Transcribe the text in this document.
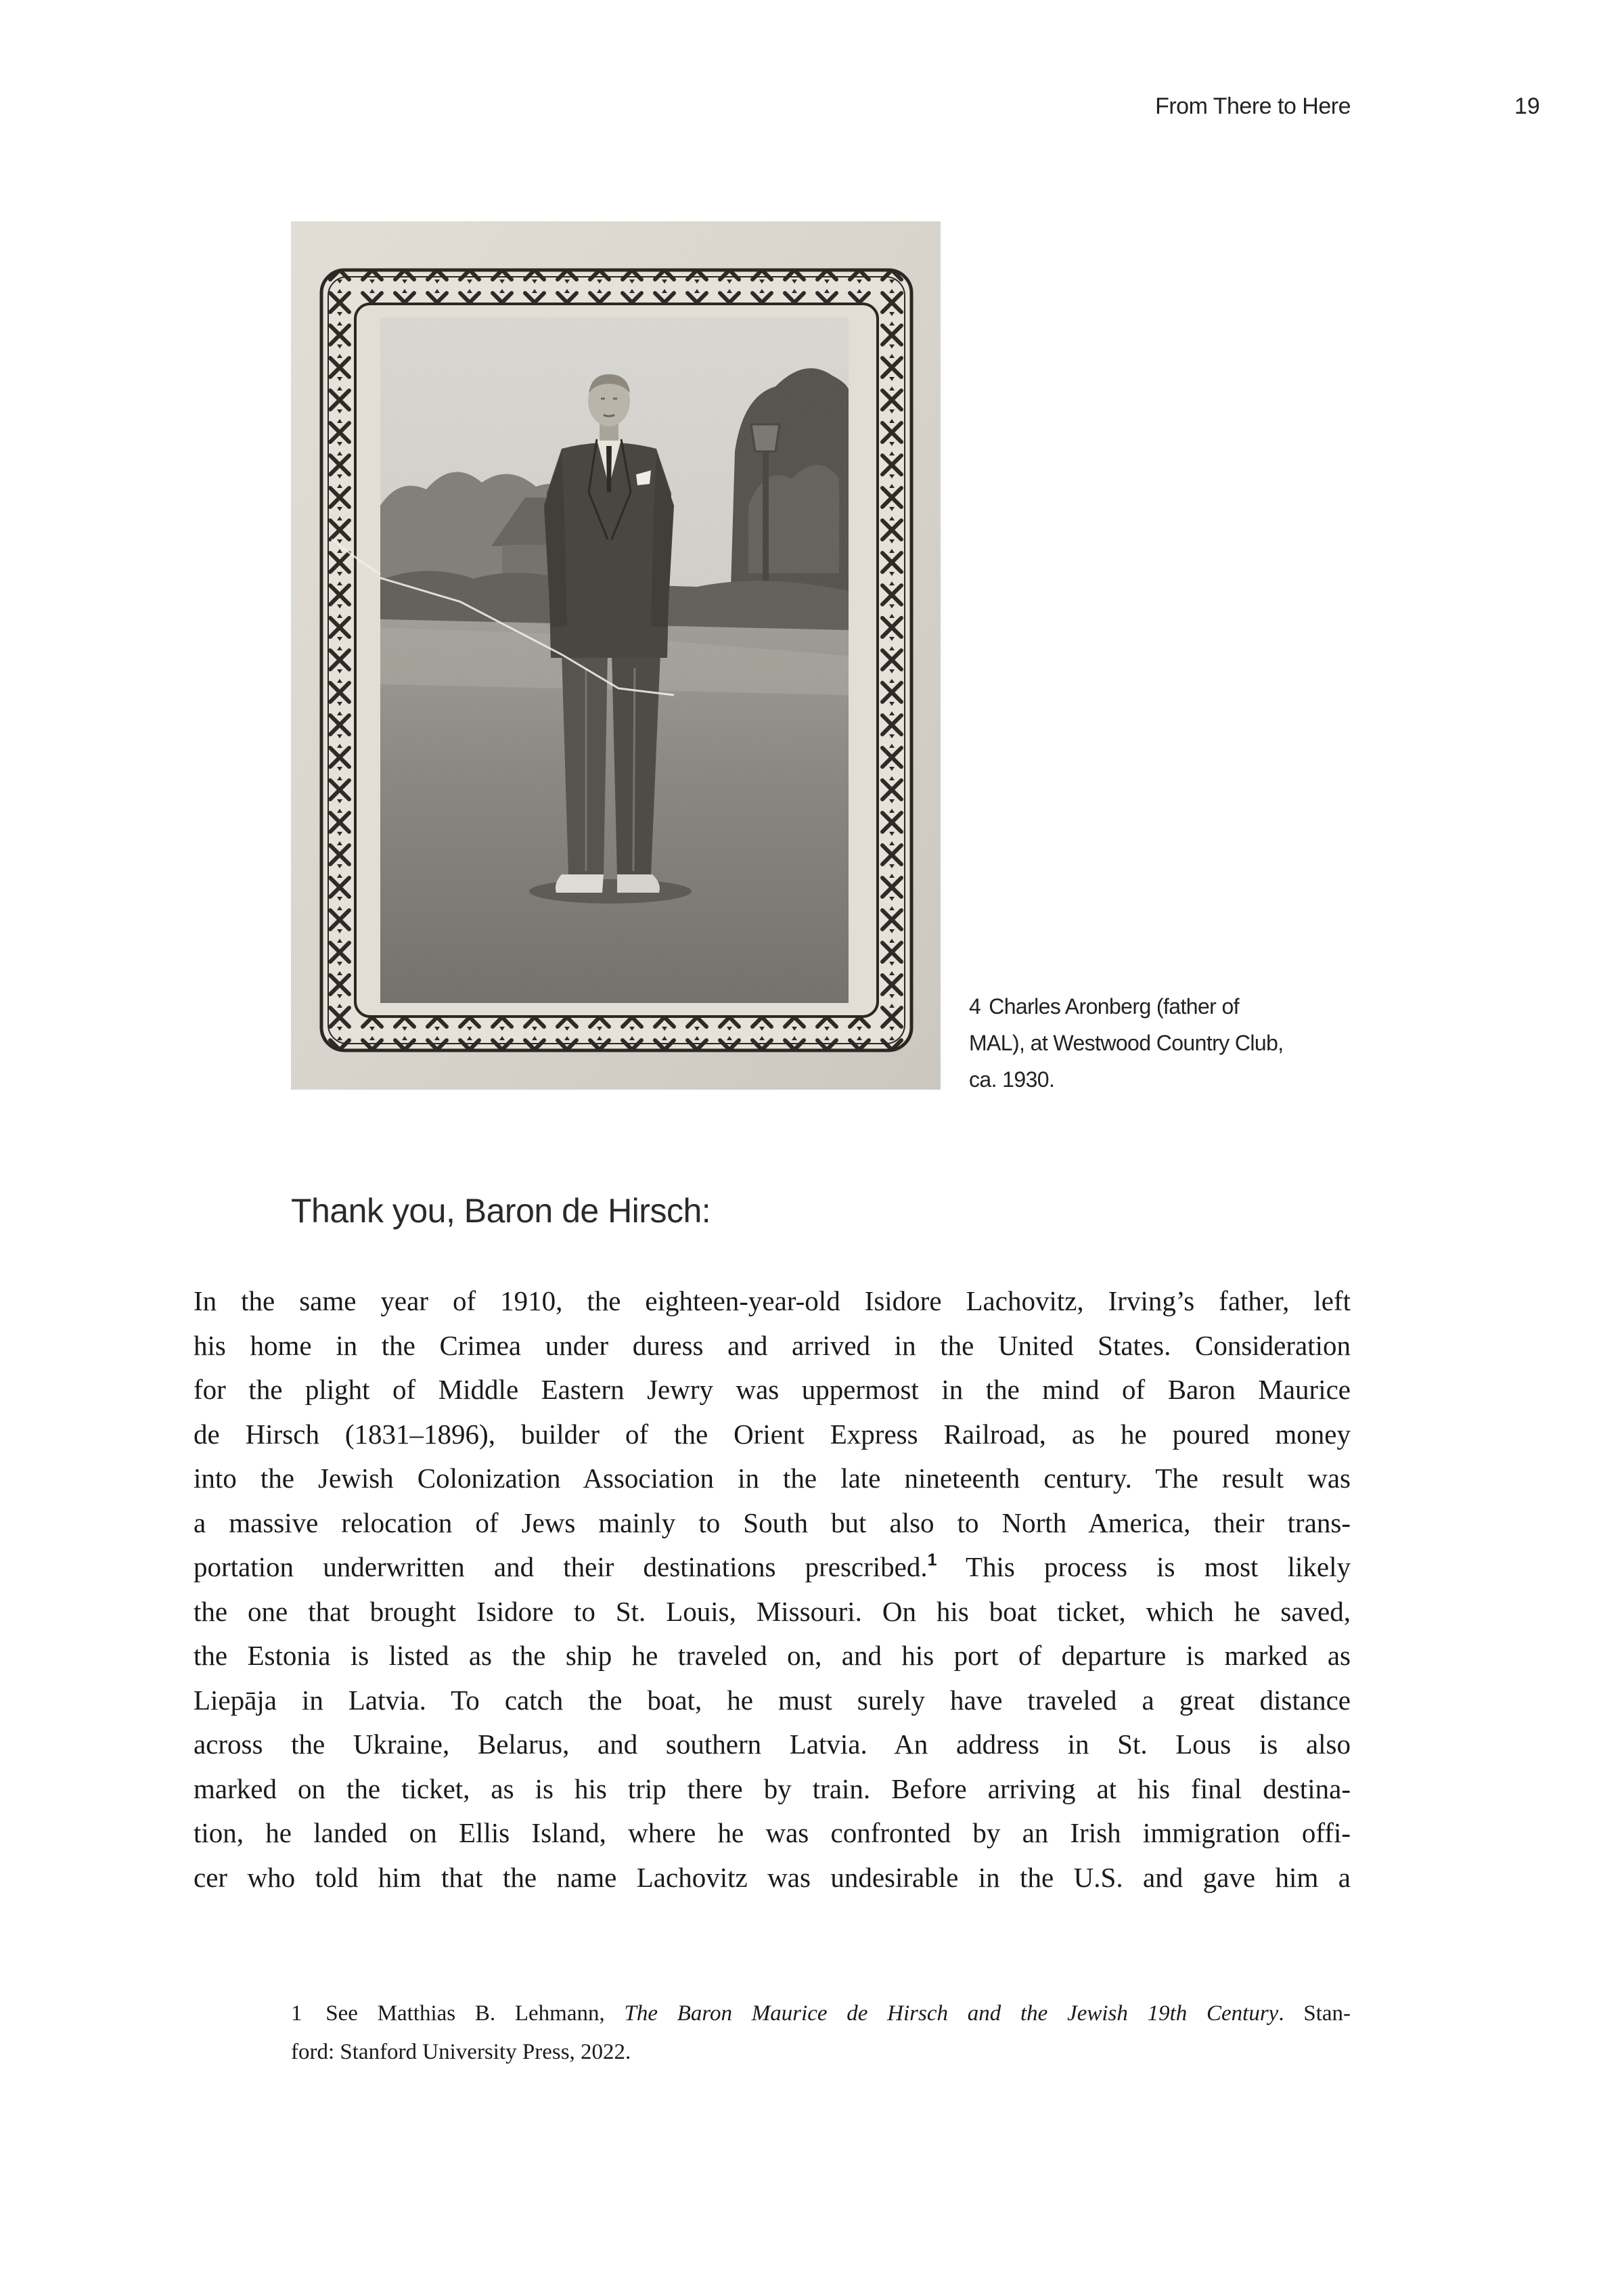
From There to Here	19
4 Charles Aronberg (father of
MAL), at Westwood Country Club,
ca. 1930.
Thank you, Baron de Hirsch:
In the same year of 1910, the eighteen-year-old Isidore Lachovitz, Irving’s father, left
his home in the Crimea under duress and arrived in the United States. Consideration
for the plight of Middle Eastern Jewry was uppermost in the mind of Baron Maurice
de Hirsch (1831–1896), builder of the Orient Express Railroad, as he poured money
into the Jewish Colonization Association in the late nineteenth century. The result was
a massive relocation of Jews mainly to South but also to North America, their trans-
portation underwritten and their destinations prescribed.$^1$ This process is most likely
the one that brought Isidore to St. Louis, Missouri. On his boat ticket, which he saved,
the Estonia is listed as the ship he traveled on, and his port of departure is marked as
Liepāja in Latvia. To catch the boat, he must surely have traveled a great distance
across the Ukraine, Belarus, and southern Latvia. An address in St. Lous is also
marked on the ticket, as is his trip there by train. Before arriving at his final destina-
tion, he landed on Ellis Island, where he was confronted by an Irish immigration offi-
cer who told him that the name Lachovitz was undesirable in the U.S. and gave him a
1 See Matthias B. Lehmann, The Baron Maurice de Hirsch and the Jewish 19th Century. Stan-
ford: Stanford University Press, 2022.
